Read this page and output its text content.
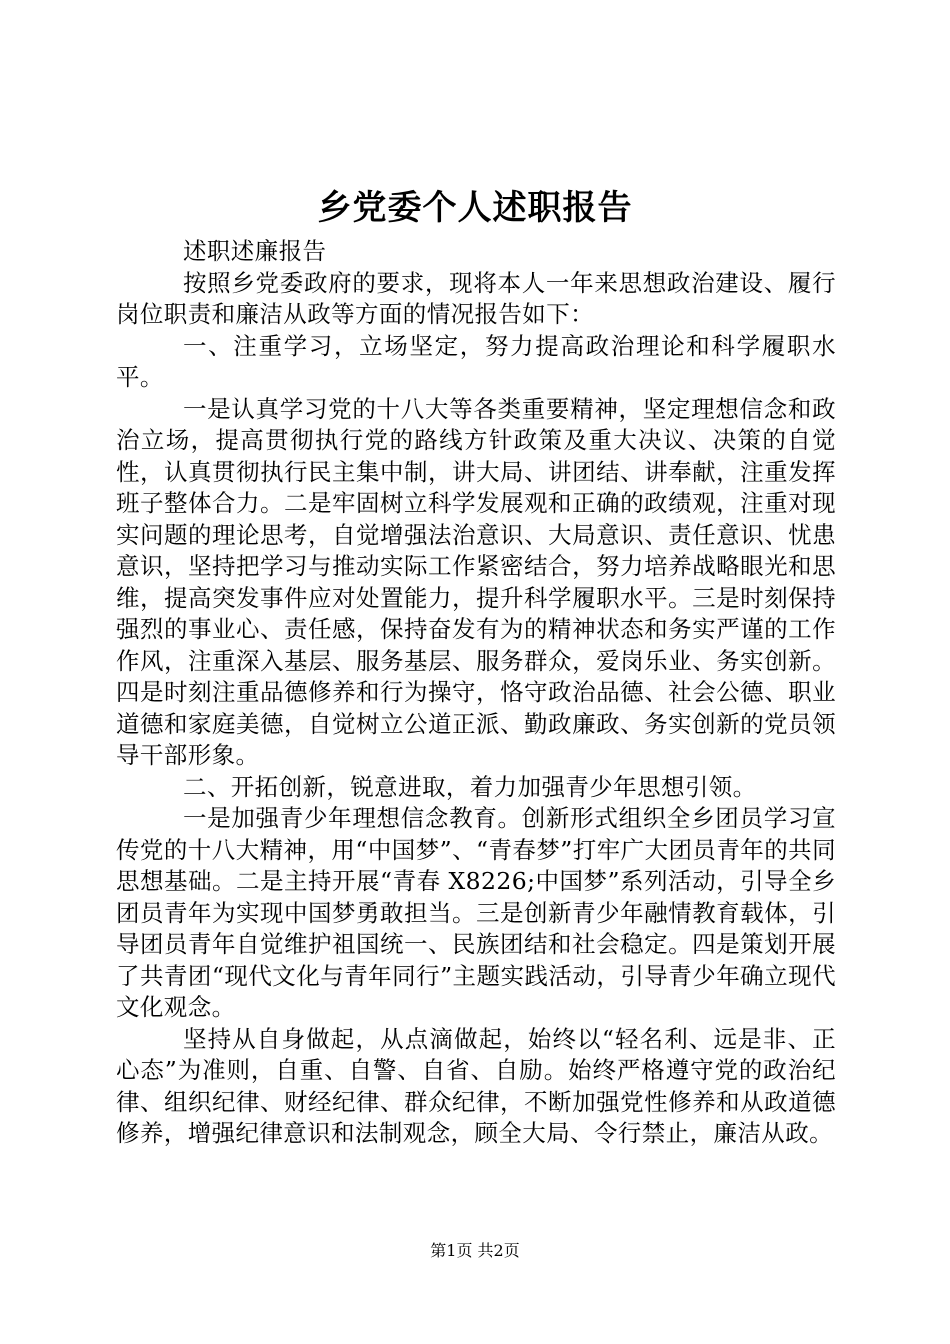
乡党委个人述职报告

述职述廉报告

按照乡党委政府的要求，现将本人一年来思想政治建设、履行岗位职责和廉洁从政等方面的情况报告如下：

一、注重学习，立场坚定，努力提高政治理论和科学履职水平。

一是认真学习党的十八大等各类重要精神，坚定理想信念和政治立场，提高贯彻执行党的路线方针政策及重大决议、决策的自觉性，认真贯彻执行民主集中制，讲大局、讲团结、讲奉献，注重发挥班子整体合力。二是牢固树立科学发展观和正确的政绩观，注重对现实问题的理论思考，自觉增强法治意识、大局意识、责任意识、忧患意识，坚持把学习与推动实际工作紧密结合，努力培养战略眼光和思维，提高突发事件应对处置能力，提升科学履职水平。三是时刻保持强烈的事业心、责任感，保持奋发有为的精神状态和务实严谨的工作作风，注重深入基层、服务基层、服务群众，爱岗乐业、务实创新。四是时刻注重品德修养和行为操守，恪守政治品德、社会公德、职业道德和家庭美德，自觉树立公道正派、勤政廉政、务实创新的党员领导干部形象。

二、开拓创新，锐意进取，着力加强青少年思想引领。

一是加强青少年理想信念教育。创新形式组织全乡团员学习宣传党的十八大精神，用“中国梦”、“青春梦”打牢广大团员青年的共同思想基础。二是主持开展“青春 X8226;中国梦”系列活动，引导全乡团员青年为实现中国梦勇敢担当。三是创新青少年融情教育载体，引导团员青年自觉维护祖国统一、民族团结和社会稳定。四是策划开展了共青团“现代文化与青年同行”主题实践活动，引导青少年确立现代文化观念。

坚持从自身做起，从点滴做起，始终以“轻名利、远是非、正心态”为准则，自重、自警、自省、自励。始终严格遵守党的政治纪律、组织纪律、财经纪律、群众纪律，不断加强党性修养和从政道德修养，增强纪律意识和法制观念，顾全大局、令行禁止，廉洁从政。

第1页 共2页
